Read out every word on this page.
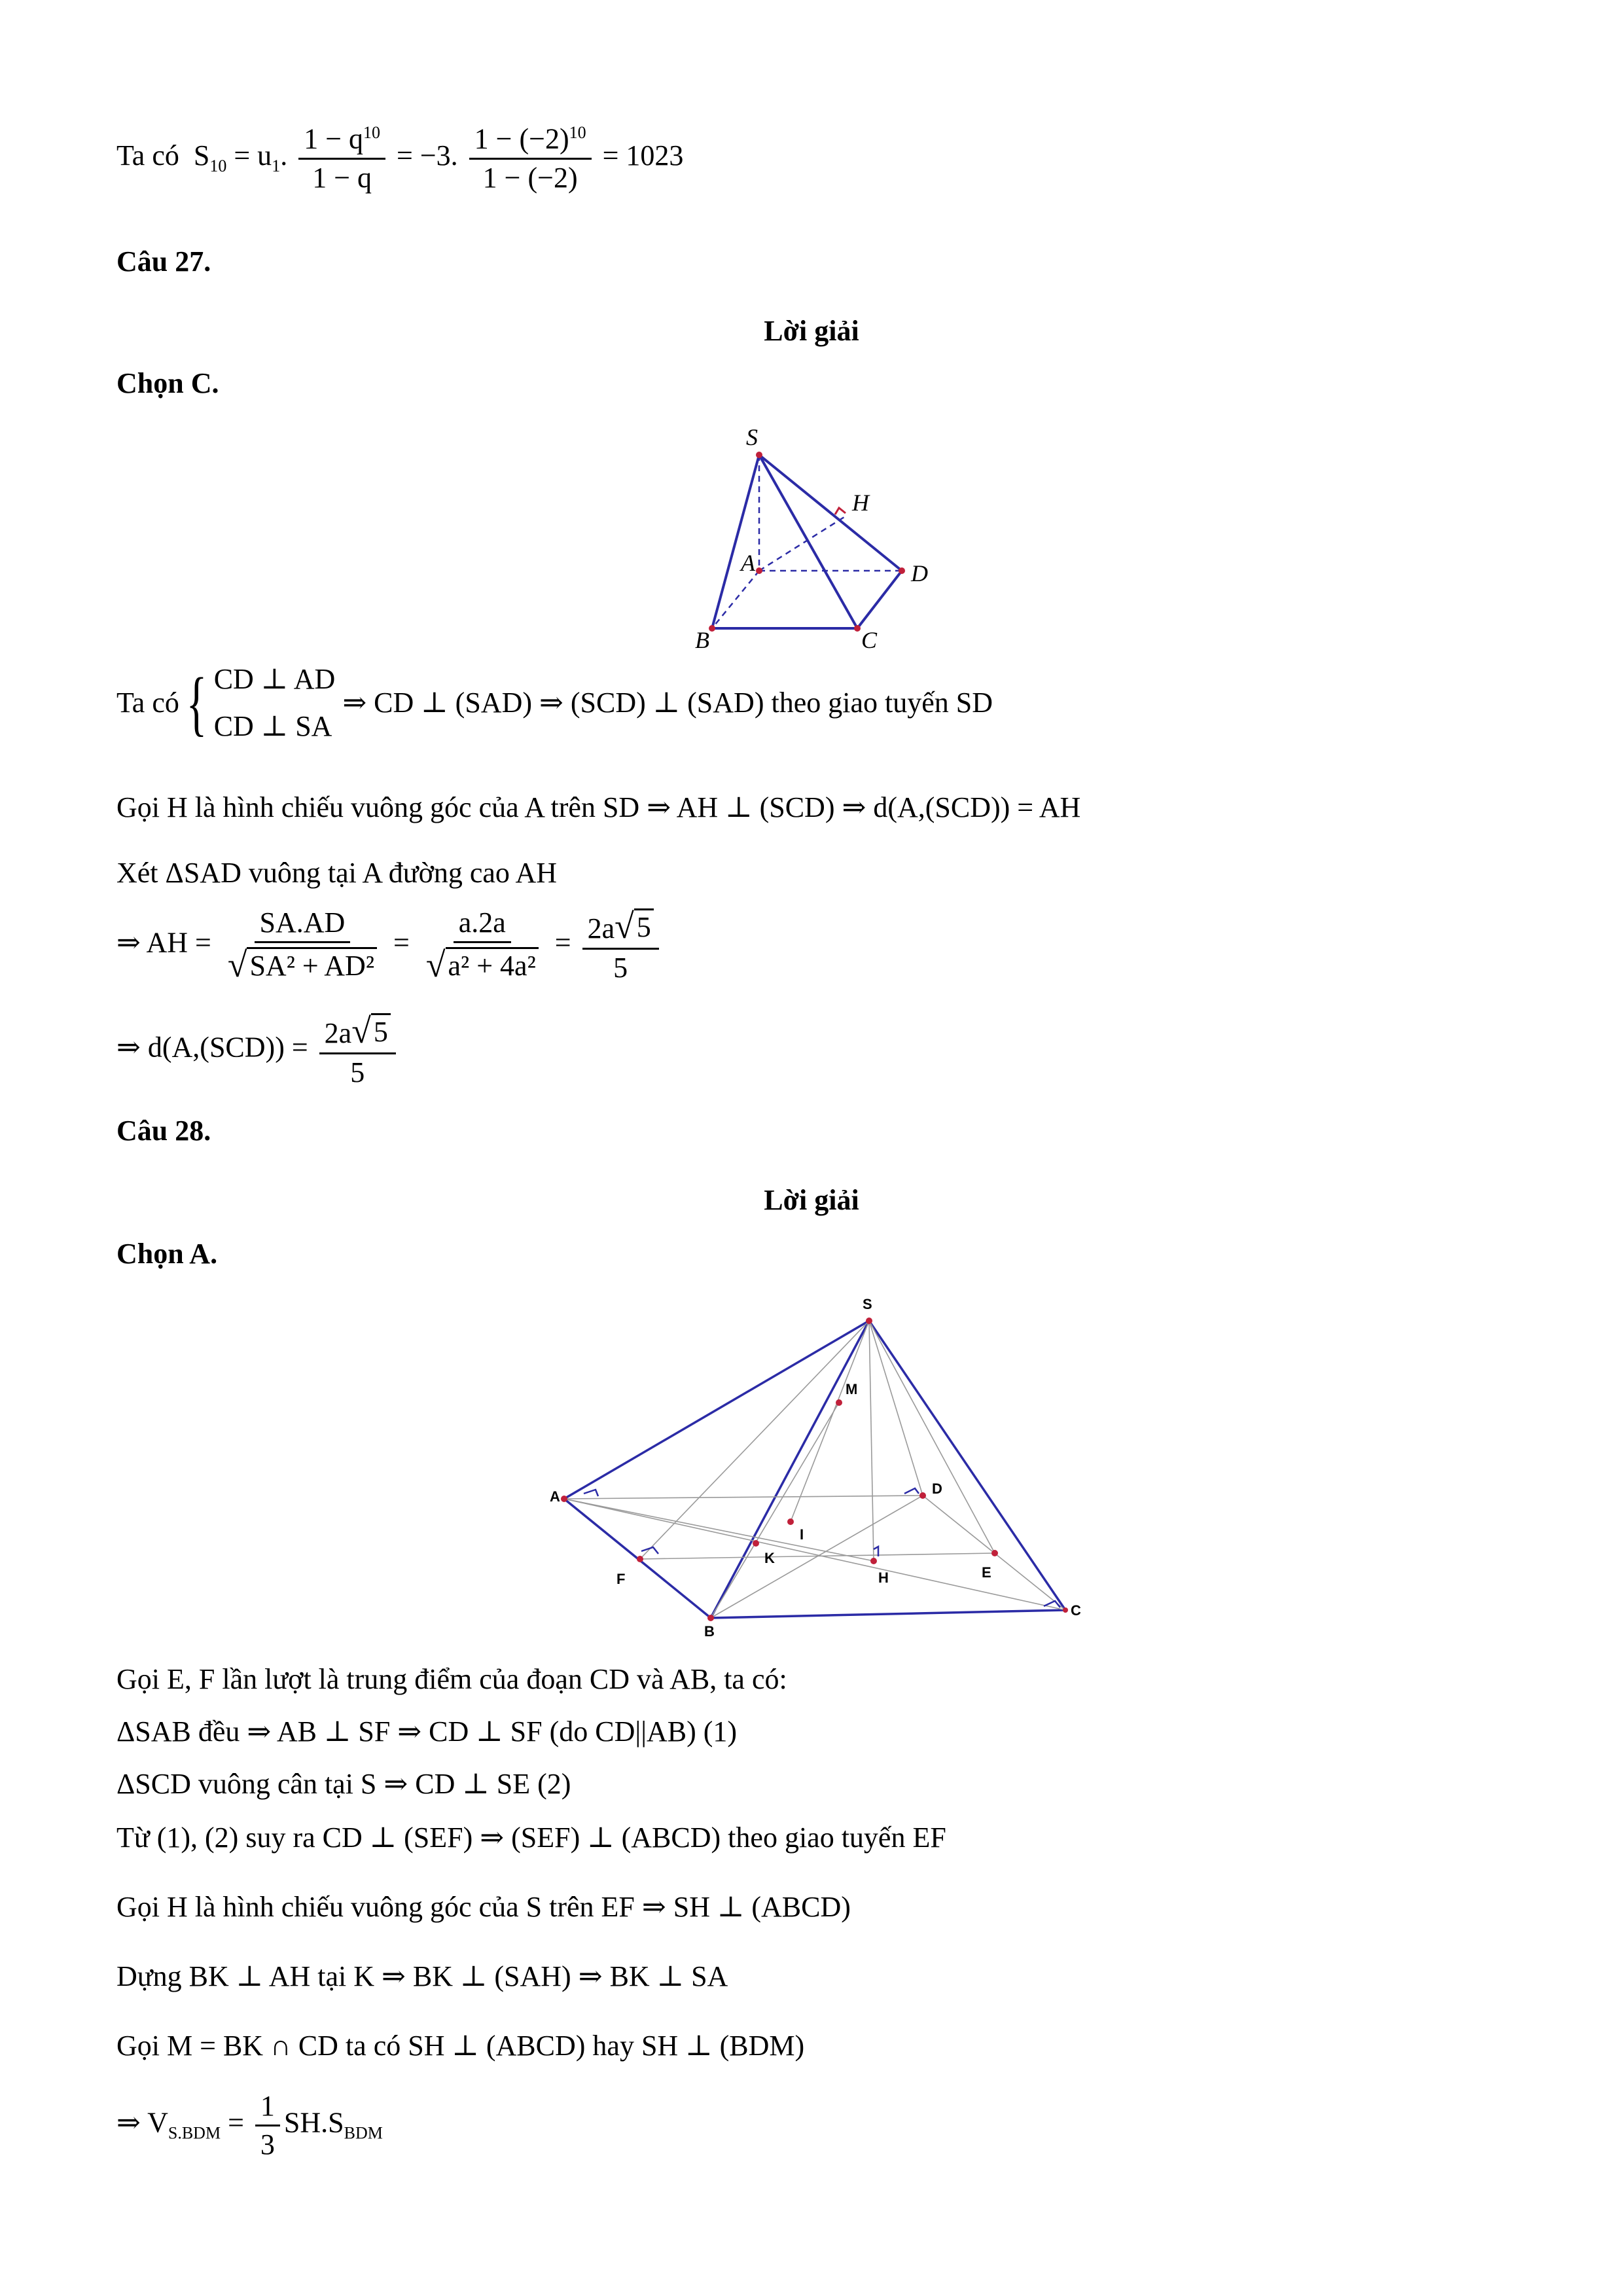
Ta có $S_{10} = u_1$. $\frac{1 - q^{10}}{1 - q} = -3$. $\frac{1 - (-2)^{10}}{1 - (-2)} = 1023$
Câu 27.
Lời giải
Chọn C.
S
H
A	D
B	C
Ta có{ CD ⊥ AD
CD ⊥ SA
⇒ CD ⊥ (SAD) ⇒ (SCD) ⊥ (SAD) theo giao tuyến SD
Gọi H là hình chiếu vuông góc của A trên SD ⇒ AH ⊥ (SCD) ⇒ d(A,(SCD)) = AH
Xét ΔSAD vuông tại A đường cao AH
⇒ AH = $\frac{SA.AD}{\text{√ SA² + AD²}} = \frac{a.2a}{\text{√ a² + 4a²}} = \frac{2a √ 5}{5}$
⇒ $d(A,(SCD)) = \frac{2a √ 5}{5}$
Câu 28.
Lời giải
Chọn A.
S
M
D
A
I
K
F	H	E
B
C
Gọi E, F lần lượt là trung điểm của đoạn CD và AB, ta có:
ΔSAB đều ⇒ AB ⊥ SF ⇒ CD ⊥ SF (do CD||AB) (1)
ΔSCD vuông cân tại S ⇒ CD ⊥ SE (2)
Từ (1), (2) suy ra CD ⊥ (SEF) ⇒ (SEF) ⊥ (ABCD) theo giao tuyến EF
Gọi H là hình chiếu vuông góc của S trên EF ⇒ SH ⊥ (ABCD)
Dựng BK ⊥ AH tại K ⇒ BK ⊥ (SAH) ⇒ BK ⊥ SA
Gọi M = BK ∩ CD ta có SH ⊥ (ABCD) hay SH ⊥ (BDM)
⇒ $V_{S.BDM} = \frac{1}{3} SH.S_{BDM}$
